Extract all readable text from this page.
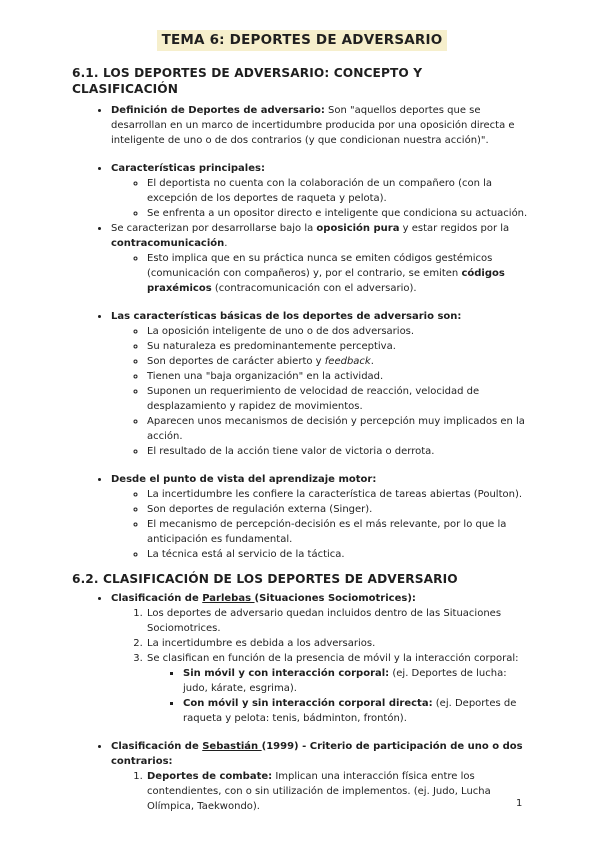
TEMA 6: DEPORTES DE ADVERSARIO
6.1. LOS DEPORTES DE ADVERSARIO: CONCEPTO Y CLASIFICACIÓN
• Definición de Deportes de adversario: Son "aquellos deportes que se desarrollan en un marco de incertidumbre producida por una oposición directa e inteligente de uno o de dos contrarios (y que condicionan nuestra acción)".
• Características principales:
◦ El deportista no cuenta con la colaboración de un compañero (con la excepción de los deportes de raqueta y pelota).
◦ Se enfrenta a un opositor directo e inteligente que condiciona su actuación.
• Se caracterizan por desarrollarse bajo la oposición pura y estar regidos por la contracomunicación.
◦ Esto implica que en su práctica nunca se emiten códigos gestémicos (comunicación con compañeros) y, por el contrario, se emiten códigos praxémicos (contracomunicación con el adversario).
• Las características básicas de los deportes de adversario son:
◦ La oposición inteligente de uno o de dos adversarios.
◦ Su naturaleza es predominantemente perceptiva.
◦ Son deportes de carácter abierto y feedback.
◦ Tienen una "baja organización" en la actividad.
◦ Suponen un requerimiento de velocidad de reacción, velocidad de desplazamiento y rapidez de movimientos.
◦ Aparecen unos mecanismos de decisión y percepción muy implicados en la acción.
◦ El resultado de la acción tiene valor de victoria o derrota.
• Desde el punto de vista del aprendizaje motor:
◦ La incertidumbre les confiere la característica de tareas abiertas (Poulton).
◦ Son deportes de regulación externa (Singer).
◦ El mecanismo de percepción-decisión es el más relevante, por lo que la anticipación es fundamental.
◦ La técnica está al servicio de la táctica.
6.2. CLASIFICACIÓN DE LOS DEPORTES DE ADVERSARIO
• Clasificación de Parlebas (Situaciones Sociomotrices):
1. Los deportes de adversario quedan incluidos dentro de las Situaciones Sociomotrices.
2. La incertidumbre es debida a los adversarios.
3. Se clasifican en función de la presencia de móvil y la interacción corporal:
▪ Sin móvil y con interacción corporal: (ej. Deportes de lucha: judo, kárate, esgrima).
▪ Con móvil y sin interacción corporal directa: (ej. Deportes de raqueta y pelota: tenis, bádminton, frontón).
• Clasificación de Sebastián (1999) - Criterio de participación de uno o dos contrarios:
1. Deportes de combate: Implican una interacción física entre los contendientes, con o sin utilización de implementos. (ej. Judo, Lucha Olímpica, Taekwondo).	1
